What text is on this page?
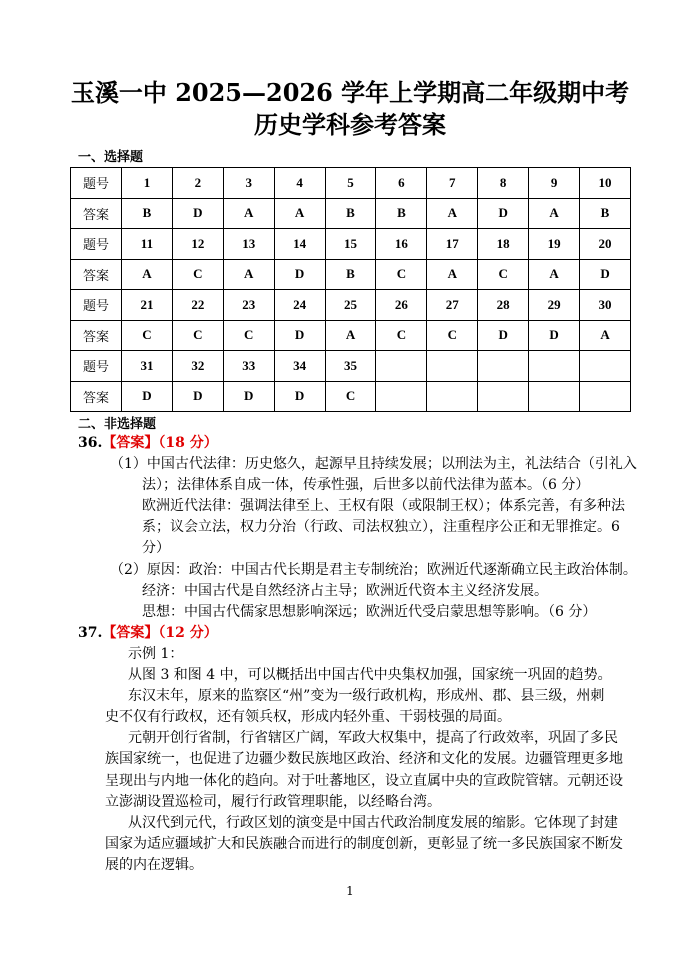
玉溪一中 2025—2026 学年上学期高二年级期中考
历史学科参考答案
一、选择题
题号	1	2	3	4	5	6	7	8	9	10
答案	B	D	A	A	B	B	A	D	A	B
题号	11	12	13	14	15	16	17	18	19	20
答案	A	C	A	D	B	C	A	C	A	D
题号	21	22	23	24	25	26	27	28	29	30
答案	C	C	C	D	A	C	C	D	D	A
题号	31	32	33	34	35					
答案	D	D	D	D	C					
二、非选择题
36.【答案】（18 分）
（1）中国古代法律：历史悠久，起源早且持续发展；以刑法为主，礼法结合（引礼入
法）；法律体系自成一体，传承性强，后世多以前代法律为蓝本。（6 分）
欧洲近代法律：强调法律至上、王权有限（或限制王权）；体系完善，有多种法
系；议会立法，权力分治（行政、司法权独立），注重程序公正和无罪推定。6
分）
（2）原因：政治：中国古代长期是君主专制统治；欧洲近代逐渐确立民主政治体制。
经济：中国古代是自然经济占主导；欧洲近代资本主义经济发展。
思想：中国古代儒家思想影响深远；欧洲近代受启蒙思想等影响。（6 分）
37.【答案】（12 分）
示例 1：
从图 3 和图 4 中，可以概括出中国古代中央集权加强，国家统一巩固的趋势。
东汉末年，原来的监察区“州”变为一级行政机构，形成州、郡、县三级，州刺
史不仅有行政权，还有领兵权，形成内轻外重、干弱枝强的局面。
元朝开创行省制，行省辖区广阔，军政大权集中，提高了行政效率，巩固了多民
族国家统一，也促进了边疆少数民族地区政治、经济和文化的发展。边疆管理更多地
呈现出与内地一体化的趋向。对于吐蕃地区，设立直属中央的宣政院管辖。元朝还设
立澎湖设置巡检司，履行行政管理职能，以经略台湾。
从汉代到元代，行政区划的演变是中国古代政治制度发展的缩影。它体现了封建
国家为适应疆域扩大和民族融合而进行的制度创新，更彰显了统一多民族国家不断发
展的内在逻辑。
1
